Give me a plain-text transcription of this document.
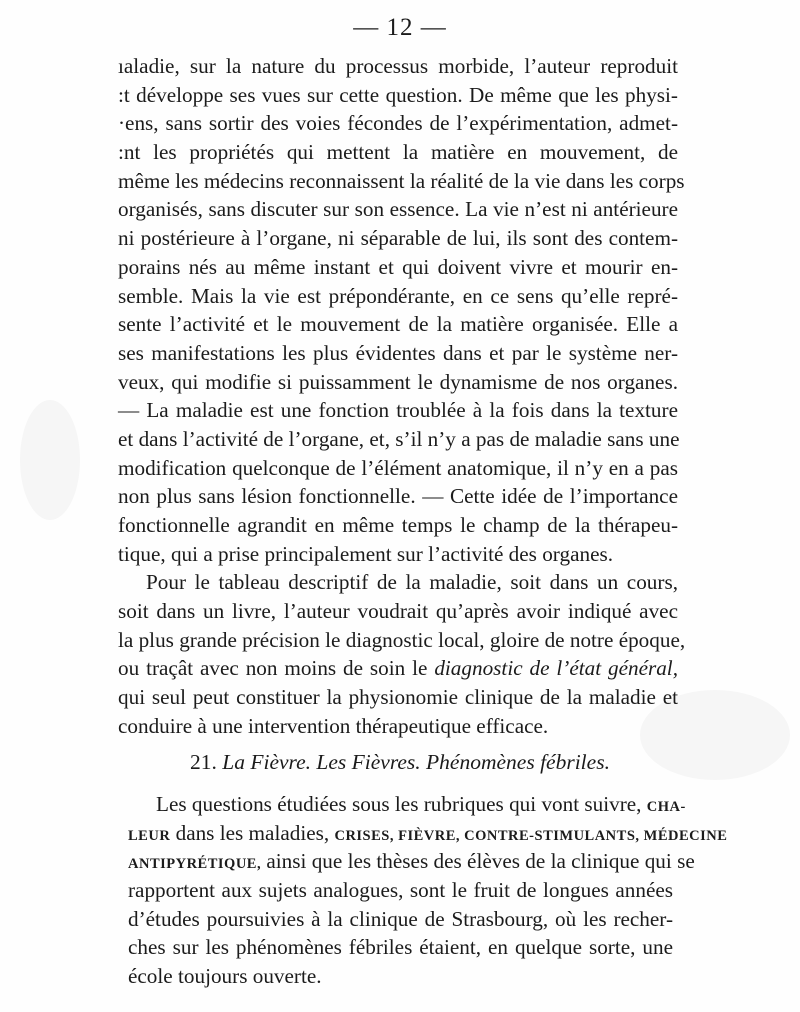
— 12 —
ıaladie, sur la nature du processus morbide, l’auteur reproduit
:t développe ses vues sur cette question. De même que les physi-
·ens, sans sortir des voies fécondes de l’expérimentation, admet-
:nt les propriétés qui mettent la matière en mouvement, de
même les médecins reconnaissent la réalité de la vie dans les corps
organisés, sans discuter sur son essence. La vie n’est ni antérieure
ni postérieure à l’organe, ni séparable de lui, ils sont des contem-
porains nés au même instant et qui doivent vivre et mourir en-
semble. Mais la vie est prépondérante, en ce sens qu’elle repré-
sente l’activité et le mouvement de la matière organisée. Elle a
ses manifestations les plus évidentes dans et par le système ner-
veux, qui modifie si puissamment le dynamisme de nos organes.
— La maladie est une fonction troublée à la fois dans la texture
et dans l’activité de l’organe, et, s’il n’y a pas de maladie sans une
modification quelconque de l’élément anatomique, il n’y en a pas
non plus sans lésion fonctionnelle. — Cette idée de l’importance
fonctionnelle agrandit en même temps le champ de la thérapeu-
tique, qui a prise principalement sur l’activité des organes.
Pour le tableau descriptif de la maladie, soit dans un cours,
soit dans un livre, l’auteur voudrait qu’après avoir indiqué avec
la plus grande précision le diagnostic local, gloire de notre époque,
ou traçât avec non moins de soin le diagnostic de l’état général,
qui seul peut constituer la physionomie clinique de la maladie et
conduire à une intervention thérapeutique efficace.
21. La Fièvre. Les Fièvres. Phénomènes fébriles.
Les questions étudiées sous les rubriques qui vont suivre, CHA-
LEUR dans les maladies, CRISES, FIÈVRE, CONTRE-STIMULANTS, MÉDECINE
ANTIPYRÉTIQUE, ainsi que les thèses des élèves de la clinique qui se
rapportent aux sujets analogues, sont le fruit de longues années
d’études poursuivies à la clinique de Strasbourg, où les recher-
ches sur les phénomènes fébriles étaient, en quelque sorte, une
école toujours ouverte.
